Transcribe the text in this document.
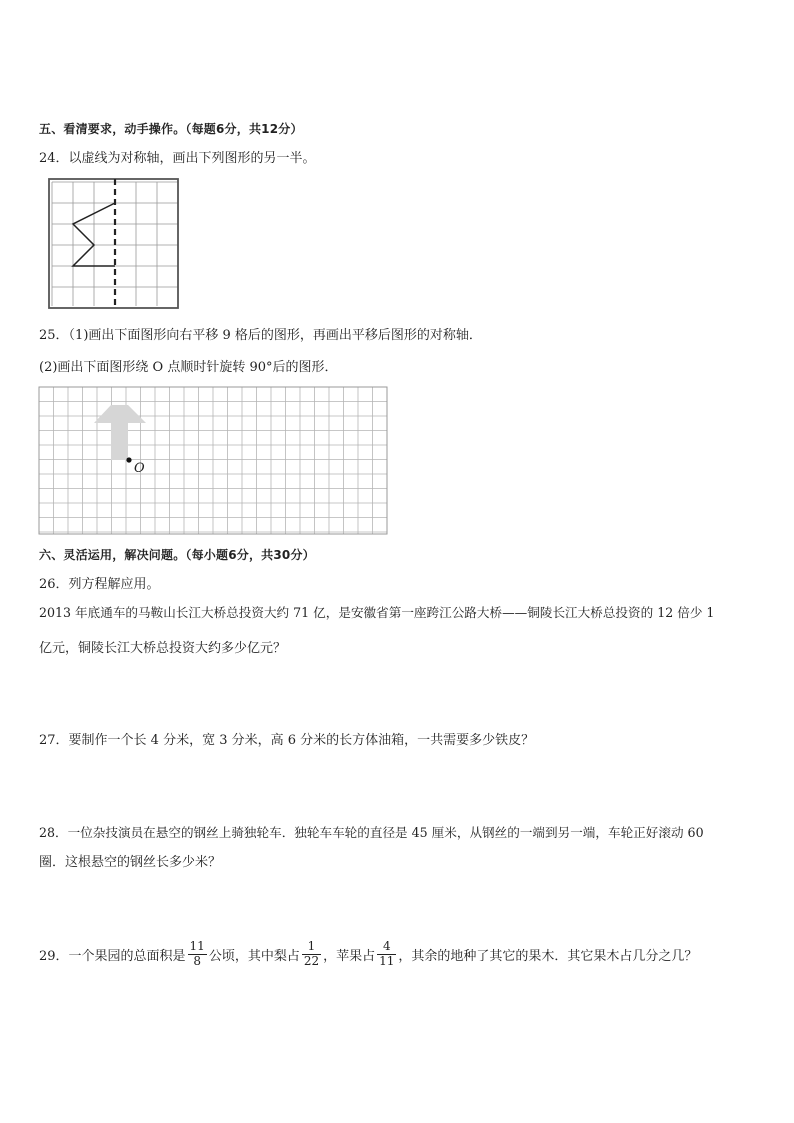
五、看清要求，动手操作。（每题6分，共12分）
24．以虚线为对称轴，画出下列图形的另一半。
25．（1)画出下面图形向右平移 9 格后的图形，再画出平移后图形的对称轴．
(2)画出下面图形绕 O 点顺时针旋转 90°后的图形．
O
六、灵活运用，解决问题。（每小题6分，共30分）
26．列方程解应用。
2013 年底通车的马鞍山长江大桥总投资大约 71 亿，是安徽省第一座跨江公路大桥——铜陵长江大桥总投资的 12 倍少 1
亿元，铜陵长江大桥总投资大约多少亿元？
27．要制作一个长 4 分米，宽 3 分米，高 6 分米的长方体油箱，一共需要多少铁皮？
28．一位杂技演员在悬空的钢丝上骑独轮车．独轮车车轮的直径是 45 厘米，从钢丝的一端到另一端，车轮正好滚动 60
圈．这根悬空的钢丝长多少米？
29．一个果园的总面积是 $\frac{11}{8}$ 公顷，其中梨占 $\frac{1}{22}$ ，苹果占 $\frac{4}{11}$ ，其余的地种了其它的果木．其它果木占几分之几？
